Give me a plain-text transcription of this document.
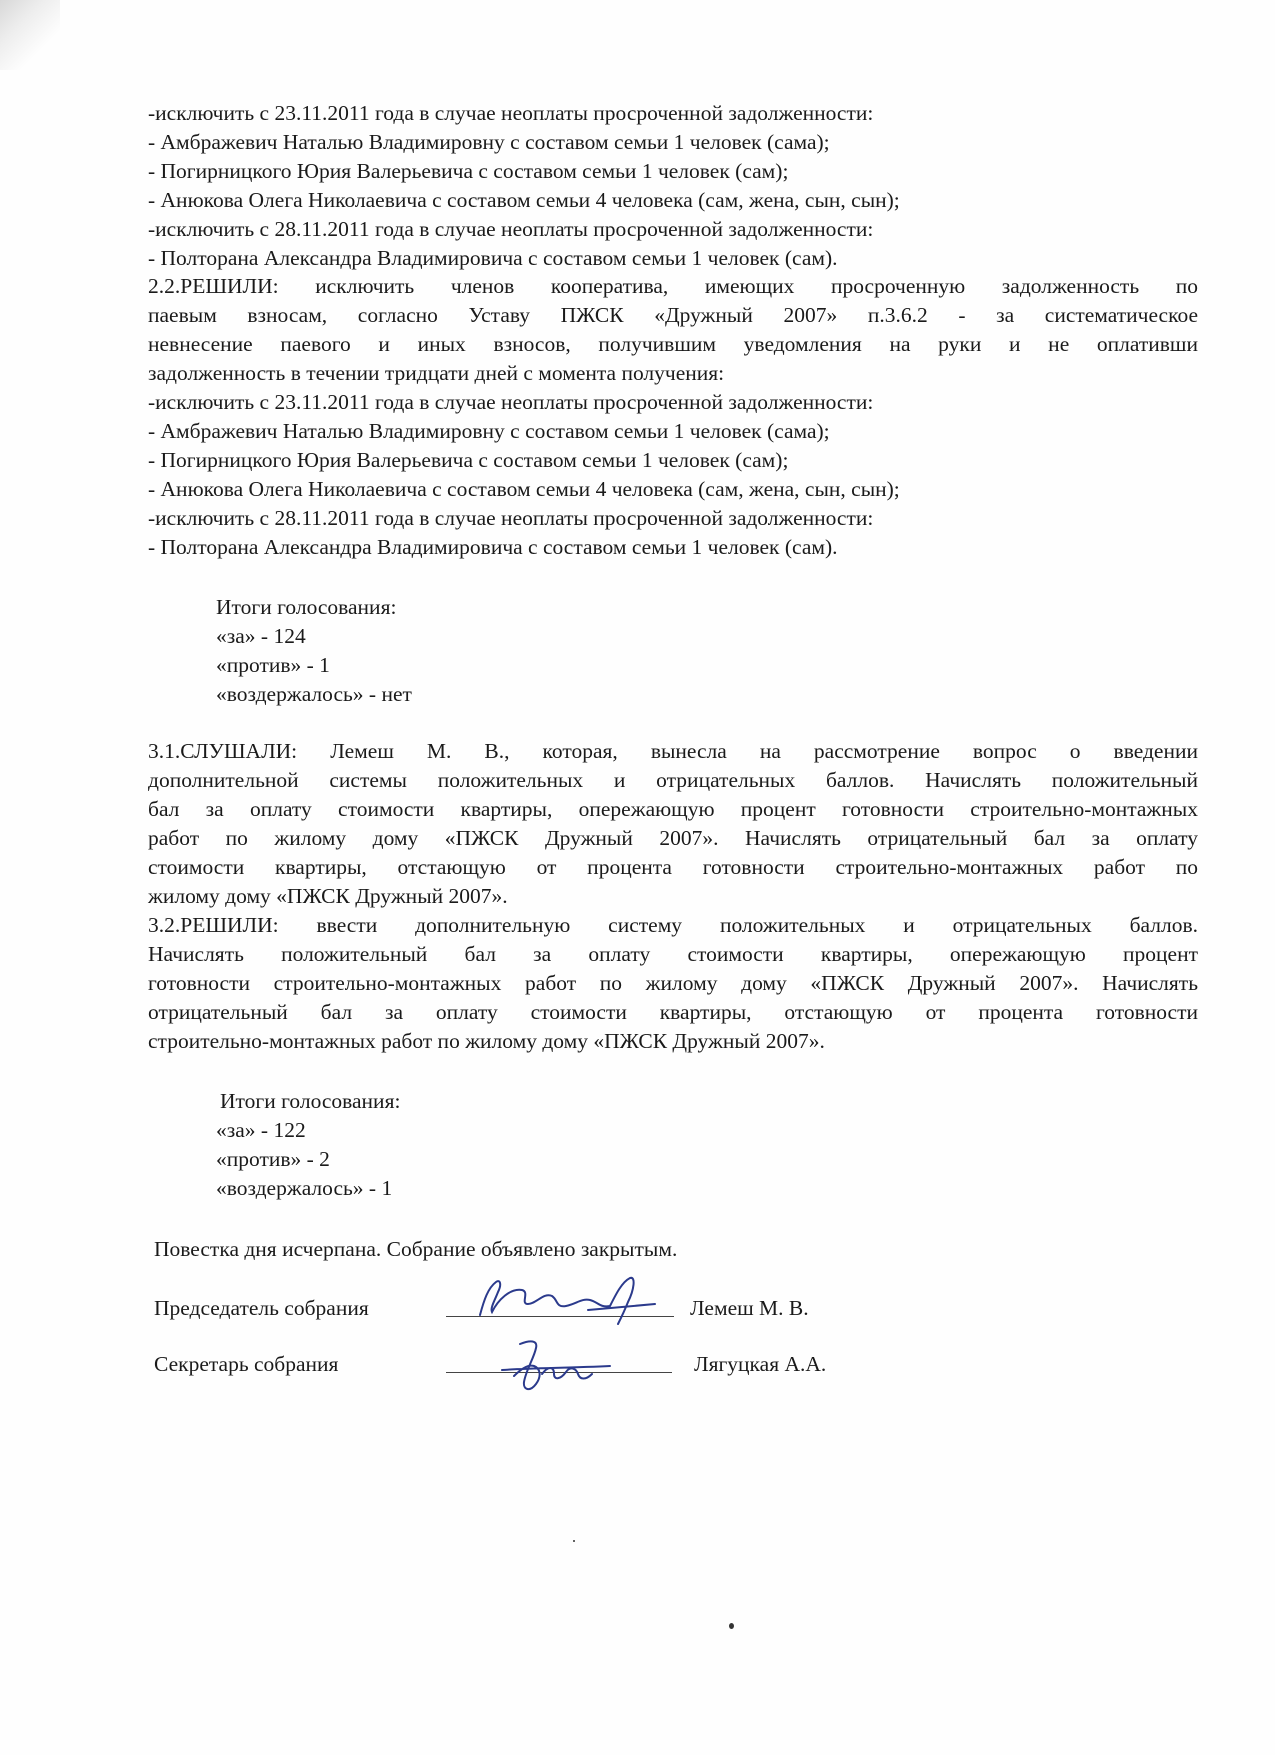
-исключить с 23.11.2011 года в случае неоплаты просроченной задолженности:
- Амбражевич Наталью Владимировну с составом семьи 1 человек (сама);
- Погирницкого Юрия Валерьевича с составом семьи 1 человек (сам);
- Анюкова Олега Николаевича с составом семьи 4 человека (сам, жена, сын, сын);
-исключить с 28.11.2011 года в случае неоплаты просроченной задолженности:
- Полторана Александра Владимировича с составом семьи 1 человек (сам).
2.2.РЕШИЛИ: исключить членов кооператива, имеющих просроченную задолженность по
паевым взносам, согласно Уставу ПЖСК «Дружный 2007» п.3.6.2 - за систематическое
невнесение паевого и иных взносов, получившим уведомления на руки и не оплативши
задолженность в течении тридцати дней с момента получения:
-исключить с 23.11.2011 года в случае неоплаты просроченной задолженности:
- Амбражевич Наталью Владимировну с составом семьи 1 человек (сама);
- Погирницкого Юрия Валерьевича с составом семьи 1 человек (сам);
- Анюкова Олега Николаевича с составом семьи 4 человека (сам, жена, сын, сын);
-исключить с 28.11.2011 года в случае неоплаты просроченной задолженности:
- Полторана Александра Владимировича с составом семьи 1 человек (сам).
Итоги голосования:
«за» - 124
«против» - 1
«воздержалось» - нет
3.1.СЛУШАЛИ: Лемеш М. В., которая, вынесла на рассмотрение вопрос о введении
дополнительной системы положительных и отрицательных баллов. Начислять положительный
бал за оплату стоимости квартиры, опережающую процент готовности строительно-монтажных
работ по жилому дому «ПЖСК Дружный 2007». Начислять отрицательный бал за оплату
стоимости квартиры, отстающую от процента готовности строительно-монтажных работ по
жилому дому «ПЖСК Дружный 2007».
3.2.РЕШИЛИ: ввести дополнительную систему положительных и отрицательных баллов.
Начислять положительный бал за оплату стоимости квартиры, опережающую процент
готовности строительно-монтажных работ по жилому дому «ПЖСК Дружный 2007». Начислять
отрицательный бал за оплату стоимости квартиры, отстающую от процента готовности
строительно-монтажных работ по жилому дому «ПЖСК Дружный 2007».
Итоги голосования:
«за» - 122
«против» - 2
«воздержалось» - 1
Повестка дня исчерпана. Собрание объявлено закрытым.
Председатель собрания	Лемеш М. В.
Секретарь собрания	Лягуцкая А.А.
